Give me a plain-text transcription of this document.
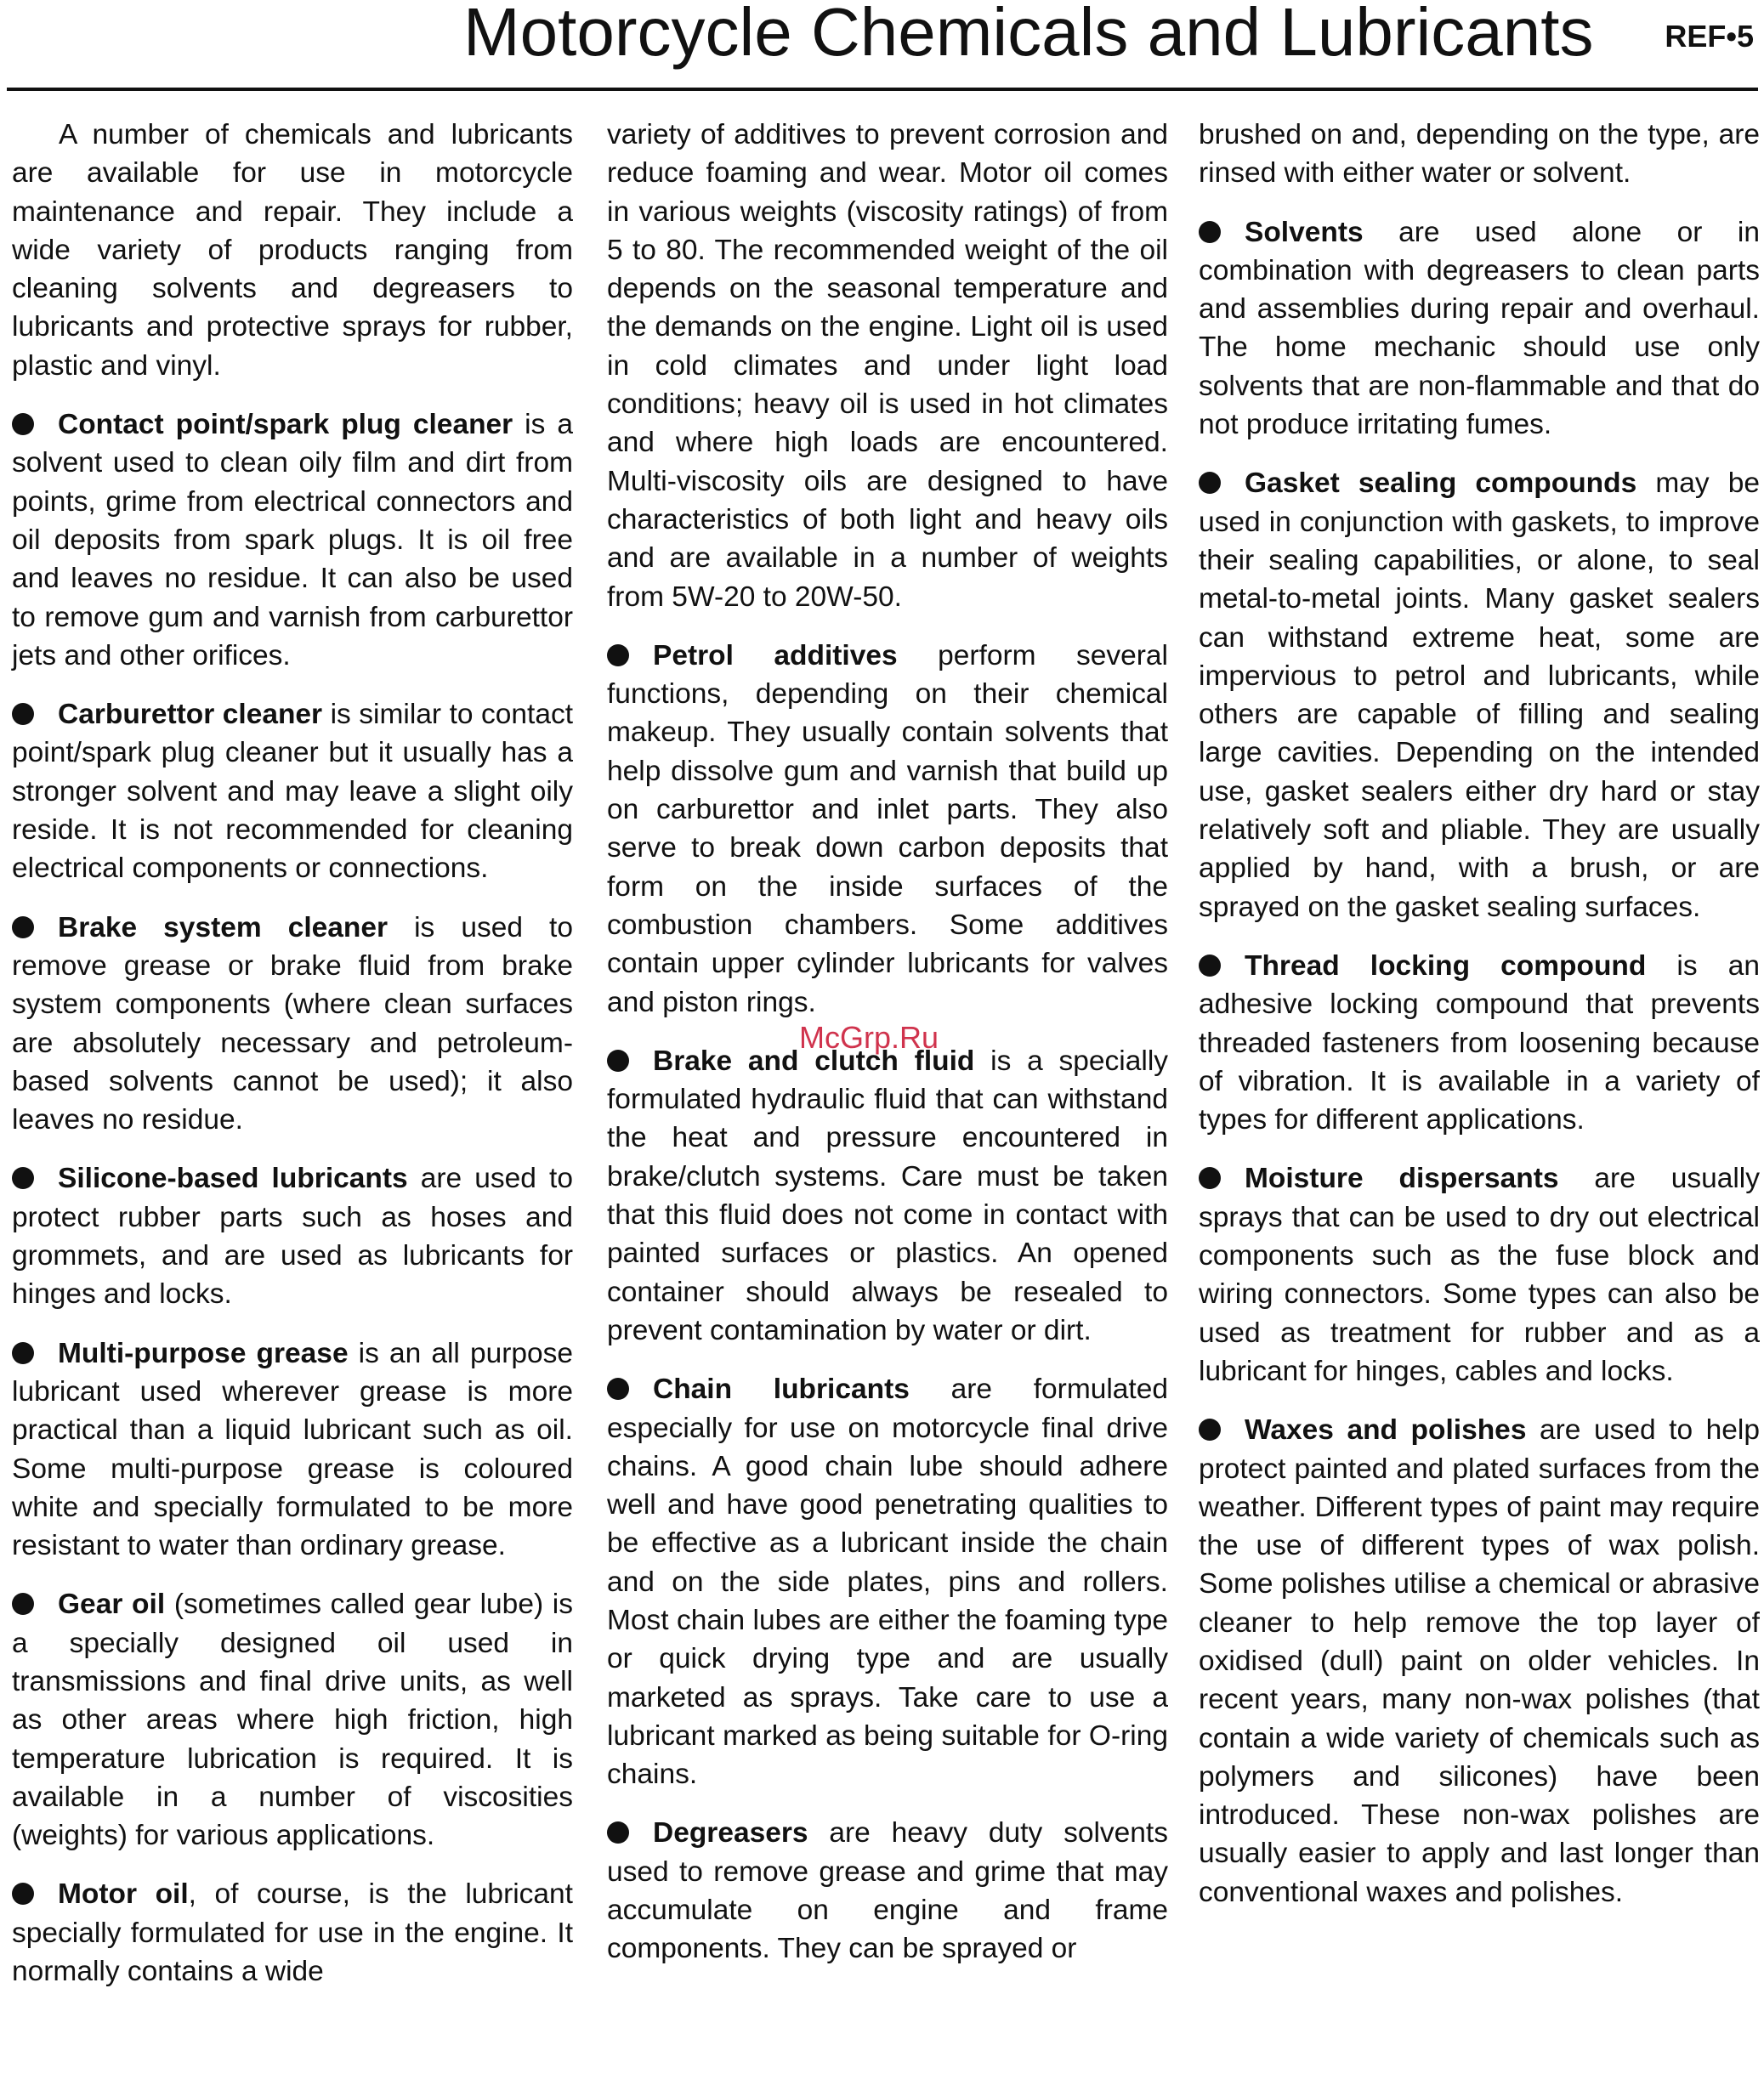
Motorcycle Chemicals and Lubricants REF•5

A number of chemicals and lubricants are available for use in motorcycle maintenance and repair. They include a wide variety of products ranging from cleaning solvents and degreasers to lubricants and protective sprays for rubber, plastic and vinyl.

Contact point/spark plug cleaner is a solvent used to clean oily film and dirt from points, grime from electrical connectors and oil deposits from spark plugs. It is oil free and leaves no residue. It can also be used to remove gum and varnish from carburettor jets and other orifices.

Carburettor cleaner is similar to contact point/spark plug cleaner but it usually has a stronger solvent and may leave a slight oily reside. It is not recommended for cleaning electrical components or connections.

Brake system cleaner is used to remove grease or brake fluid from brake system components (where clean surfaces are absolutely necessary and petroleum-based solvents cannot be used); it also leaves no residue.

Silicone-based lubricants are used to protect rubber parts such as hoses and grommets, and are used as lubricants for hinges and locks.

Multi-purpose grease is an all purpose lubricant used wherever grease is more practical than a liquid lubricant such as oil. Some multi-purpose grease is coloured white and specially formulated to be more resistant to water than ordinary grease.

Gear oil (sometimes called gear lube) is a specially designed oil used in transmissions and final drive units, as well as other areas where high friction, high temperature lubrication is required. It is available in a number of viscosities (weights) for various applications.

Motor oil, of course, is the lubricant specially formulated for use in the engine. It normally contains a wide

variety of additives to prevent corrosion and reduce foaming and wear. Motor oil comes in various weights (viscosity ratings) of from 5 to 80. The recommended weight of the oil depends on the seasonal temperature and the demands on the engine. Light oil is used in cold climates and under light load conditions; heavy oil is used in hot climates and where high loads are encountered. Multi-viscosity oils are designed to have characteristics of both light and heavy oils and are available in a number of weights from 5W-20 to 20W-50.

Petrol additives perform several functions, depending on their chemical makeup. They usually contain solvents that help dissolve gum and varnish that build up on carburettor and inlet parts. They also serve to break down carbon deposits that form on the inside surfaces of the combustion chambers. Some additives contain upper cylinder lubricants for valves and piston rings.

Brake and clutch fluid is a specially formulated hydraulic fluid that can withstand the heat and pressure encountered in brake/clutch systems. Care must be taken that this fluid does not come in contact with painted surfaces or plastics. An opened container should always be resealed to prevent contamination by water or dirt.

Chain lubricants are formulated especially for use on motorcycle final drive chains. A good chain lube should adhere well and have good penetrating qualities to be effective as a lubricant inside the chain and on the side plates, pins and rollers. Most chain lubes are either the foaming type or quick drying type and are usually marketed as sprays. Take care to use a lubricant marked as being suitable for O-ring chains.

Degreasers are heavy duty solvents used to remove grease and grime that may accumulate on engine and frame components. They can be sprayed or

brushed on and, depending on the type, are rinsed with either water or solvent.

Solvents are used alone or in combination with degreasers to clean parts and assemblies during repair and overhaul. The home mechanic should use only solvents that are non-flammable and that do not produce irritating fumes.

Gasket sealing compounds may be used in conjunction with gaskets, to improve their sealing capabilities, or alone, to seal metal-to-metal joints. Many gasket sealers can withstand extreme heat, some are impervious to petrol and lubricants, while others are capable of filling and sealing large cavities. Depending on the intended use, gasket sealers either dry hard or stay relatively soft and pliable. They are usually applied by hand, with a brush, or are sprayed on the gasket sealing surfaces.

Thread locking compound is an adhesive locking compound that prevents threaded fasteners from loosening because of vibration. It is available in a variety of types for different applications.

Moisture dispersants are usually sprays that can be used to dry out electrical components such as the fuse block and wiring connectors. Some types can also be used as treatment for rubber and as a lubricant for hinges, cables and locks.

Waxes and polishes are used to help protect painted and plated surfaces from the weather. Different types of paint may require the use of different types of wax polish. Some polishes utilise a chemical or abrasive cleaner to help remove the top layer of oxidised (dull) paint on older vehicles. In recent years, many non-wax polishes (that contain a wide variety of chemicals such as polymers and silicones) have been introduced. These non-wax polishes are usually easier to apply and last longer than conventional waxes and polishes.

McGrp.Ru
